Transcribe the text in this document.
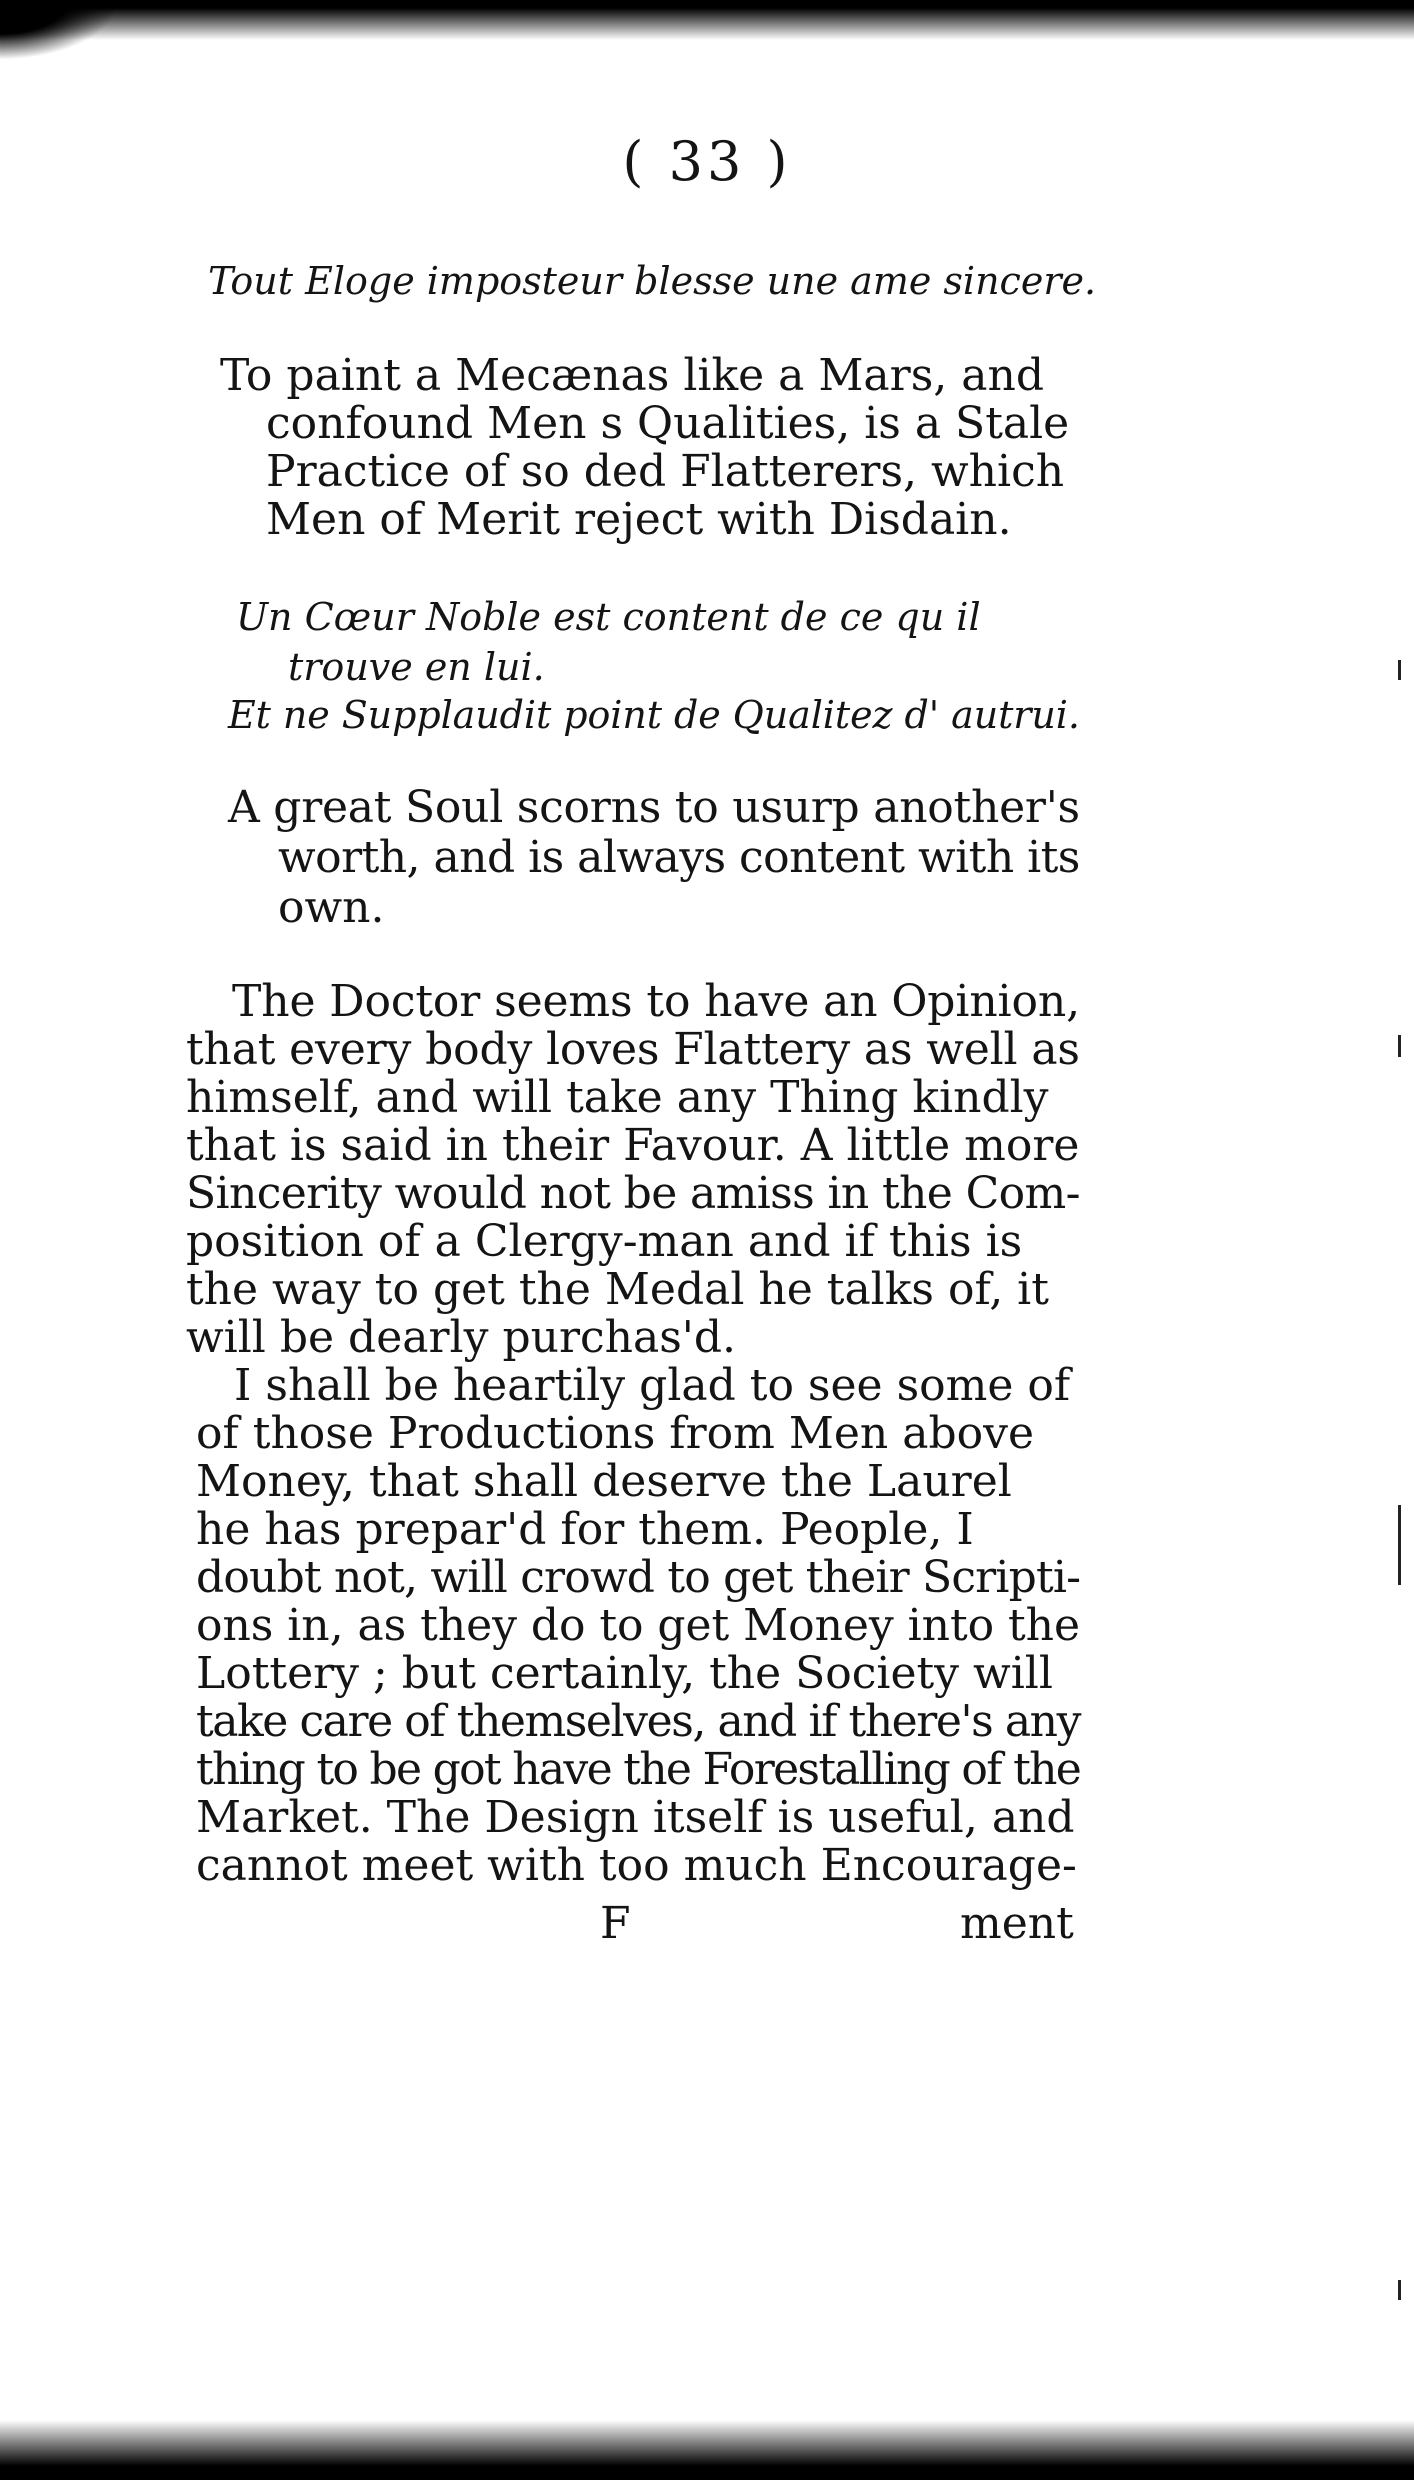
( 33 )
Tout Eloge imposteur blesse une ame sincere.
To paint a Mecænas like a Mars, and
confound Men s Qualities, is a Stale
Practice of so ded Flatterers, which
Men of Merit reject with Disdain.
Un Cœur Noble est content de ce qu il
trouve en lui.
Et ne Supplaudit point de Qualitez d' autrui.
A great Soul scorns to usurp another's
worth, and is always content with its
own.
The Doctor seems to have an Opinion,
that every body loves Flattery as well as
himself, and will take any Thing kindly
that is said in their Favour. A little more
Sincerity would not be amiss in the Com-
position of a Clergy-man and if this is
the way to get the Medal he talks of, it
will be dearly purchas'd.
I shall be heartily glad to see some of
of those Productions from Men above
Money, that shall deserve the Laurel
he has prepar'd for them. People, I
doubt not, will crowd to get their Scripti-
ons in, as they do to get Money into the
Lottery ; but certainly, the Society will
take care of themselves, and if there's any
thing to be got have the Forestalling of the
Market. The Design itself is useful, and
cannot meet with too much Encourage-
F	ment
